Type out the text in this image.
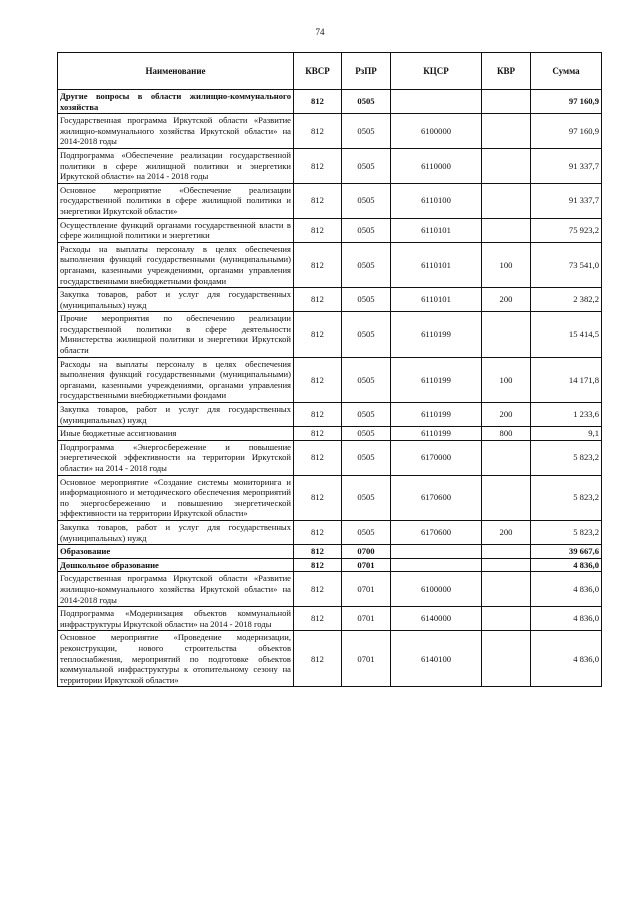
74
Наименование	КВСР	РзПР	КЦСР	КВР	Сумма
Другие вопросы в области жилищно-коммунального хозяйства	812	0505			97 160,9
Государственная программа Иркутской области «Развитие жилищно-коммунального хозяйства Иркутской области» на 2014-2018 годы	812	0505	6100000		97 160,9
Подпрограмма «Обеспечение реализации государственной политики в сфере жилищной политики и энергетики Иркутской области» на 2014 - 2018 годы	812	0505	6110000		91 337,7
Основное мероприятие «Обеспечение реализации государственной политики в сфере жилищной политики и энергетики Иркутской области»	812	0505	6110100		91 337,7
Осуществление функций органами государственной власти в сфере жилищной политики и энергетики	812	0505	6110101		75 923,2
Расходы на выплаты персоналу в целях обеспечения выполнения функций государственными (муниципальными) органами, казенными учреждениями, органами управления государственными внебюджетными фондами	812	0505	6110101	100	73 541,0
Закупка товаров, работ и услуг для государственных (муниципальных) нужд	812	0505	6110101	200	2 382,2
Прочие мероприятия по обеспечению реализации государственной политики в сфере деятельности Министерства жилищной политики и энергетики Иркутской области	812	0505	6110199		15 414,5
Расходы на выплаты персоналу в целях обеспечения выполнения функций государственными (муниципальными) органами, казенными учреждениями, органами управления государственными внебюджетными фондами	812	0505	6110199	100	14 171,8
Закупка товаров, работ и услуг для государственных (муниципальных) нужд	812	0505	6110199	200	1 233,6
Иные бюджетные ассигнования	812	0505	6110199	800	9,1
Подпрограмма «Энергосбережение и повышение энергетической эффективности на территории Иркутской области» на 2014 - 2018 годы	812	0505	6170000		5 823,2
Основное мероприятие «Создание системы мониторинга и информационного и методического обеспечения мероприятий по энергосбережению и повышению энергетической эффективности на территории Иркутской области»	812	0505	6170600		5 823,2
Закупка товаров, работ и услуг для государственных (муниципальных) нужд	812	0505	6170600	200	5 823,2
Образование	812	0700			39 667,6
Дошкольное образование	812	0701			4 836,0
Государственная программа Иркутской области «Развитие жилищно-коммунального хозяйства Иркутской области» на 2014-2018 годы	812	0701	6100000		4 836,0
Подпрограмма «Модернизация объектов коммунальной инфраструктуры Иркутской области» на 2014 - 2018 годы	812	0701	6140000		4 836,0
Основное мероприятие «Проведение модернизации, реконструкции, нового строительства объектов теплоснабжения, мероприятий по подготовке объектов коммунальной инфраструктуры к отопительному сезону на территории Иркутской области»	812	0701	6140100		4 836,0
